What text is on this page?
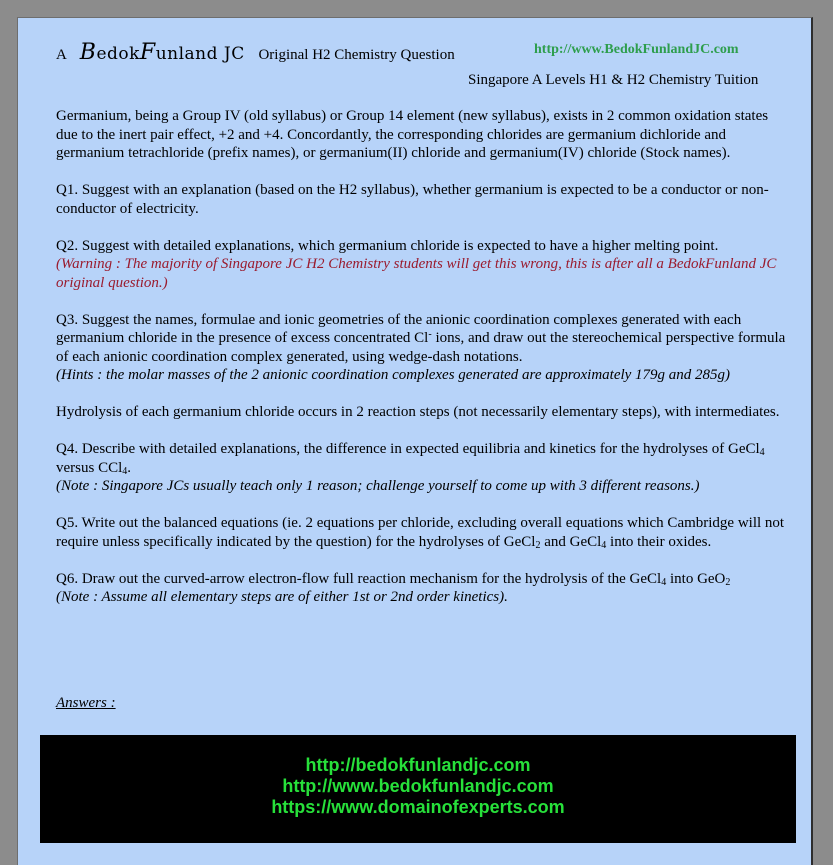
A BedokFunland JC Original H2 Chemistry Question	http://www.BedokFunlandJC.com
Singapore A Levels H1 & H2 Chemistry Tuition

Germanium, being a Group IV (old syllabus) or Group 14 element (new syllabus), exists in 2 common oxidation states due to the inert pair effect, +2 and +4. Concordantly, the corresponding chlorides are germanium dichloride and germanium tetrachloride (prefix names), or germanium(II) chloride and germanium(IV) chloride (Stock names).

Q1. Suggest with an explanation (based on the H2 syllabus), whether germanium is expected to be a conductor or non-conductor of electricity.

Q2. Suggest with detailed explanations, which germanium chloride is expected to have a higher melting point.
(Warning : The majority of Singapore JC H2 Chemistry students will get this wrong, this is after all a BedokFunland JC original question.)

Q3. Suggest the names, formulae and ionic geometries of the anionic coordination complexes generated with each germanium chloride in the presence of excess concentrated Cl- ions, and draw out the stereochemical perspective formula of each anionic coordination complex generated, using wedge-dash notations.
(Hints : the molar masses of the 2 anionic coordination complexes generated are approximately 179g and 285g)

Hydrolysis of each germanium chloride occurs in 2 reaction steps (not necessarily elementary steps), with intermediates.

Q4. Describe with detailed explanations, the difference in expected equilibria and kinetics for the hydrolyses of GeCl$_4$ versus CCl$_4$.
(Note : Singapore JCs usually teach only 1 reason; challenge yourself to come up with 3 different reasons.)

Q5. Write out the balanced equations (ie. 2 equations per chloride, excluding overall equations which Cambridge will not require unless specifically indicated by the question) for the hydrolyses of GeCl$_2$ and GeCl$_4$ into their oxides.

Q6. Draw out the curved-arrow electron-flow full reaction mechanism for the hydrolysis of the GeCl$_4$ into GeO$_2$
(Note : Assume all elementary steps are of either 1st or 2nd order kinetics).

Answers :
http://bedokfunlandjc.com
http://www.bedokfunlandjc.com
https://www.domainofexperts.com
